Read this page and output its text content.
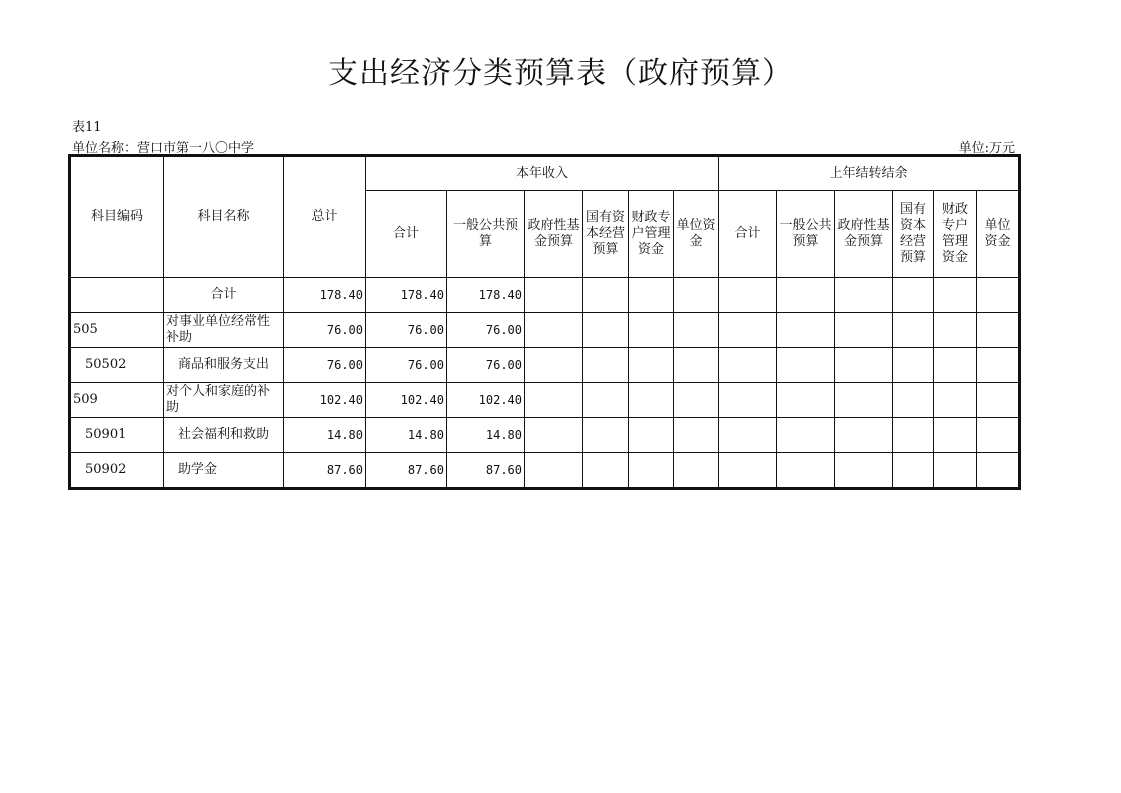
支出经济分类预算表（政府预算）
表11
单位名称：营口市第一八〇中学	单位:万元
科目编码	科目名称	总计	本年收入						上年结转结余					
			合计	一般公共预算	政府性基金预算	国有资本经营预算	财政专户管理资金	单位资金	合计	一般公共预算	政府性基金预算	国有资本经营预算	财政专户管理资金	单位资金
	合计	178.40	178.40	178.40										
505	对事业单位经常性补助	76.00	76.00	76.00										
50502	商品和服务支出	76.00	76.00	76.00										
509	对个人和家庭的补助	102.40	102.40	102.40										
50901	社会福利和救助	14.80	14.80	14.80										
50902	助学金	87.60	87.60	87.60										
